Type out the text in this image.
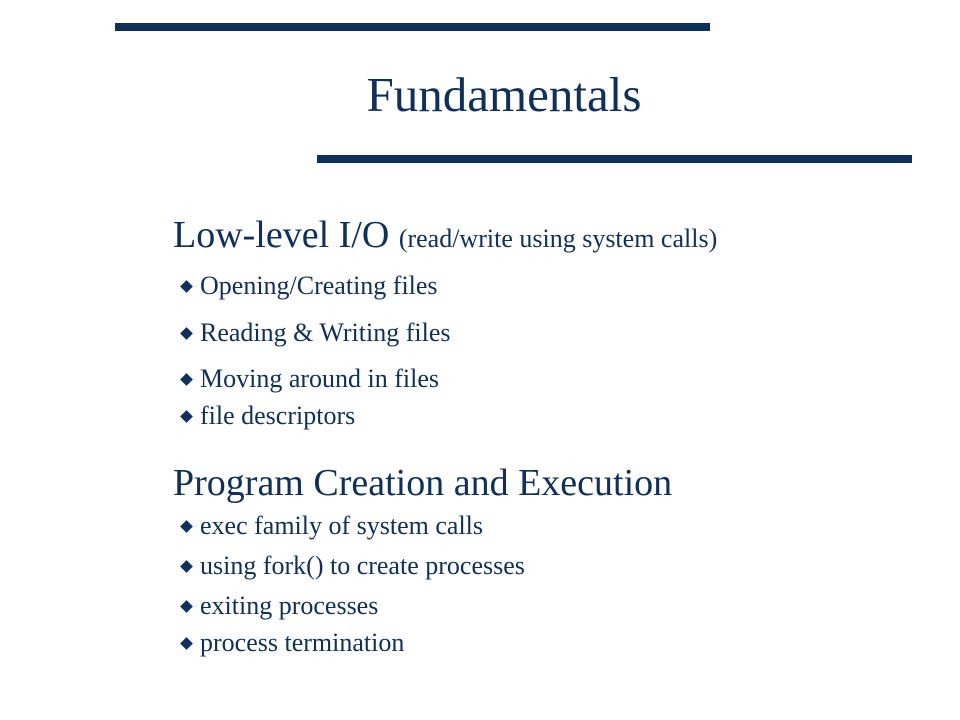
Fundamentals
Low-level I/O (read/write using system calls)
Opening/Creating files
Reading & Writing files
Moving around in files
file descriptors
Program Creation and Execution
exec family of system calls
using fork() to create processes
exiting processes
process termination
